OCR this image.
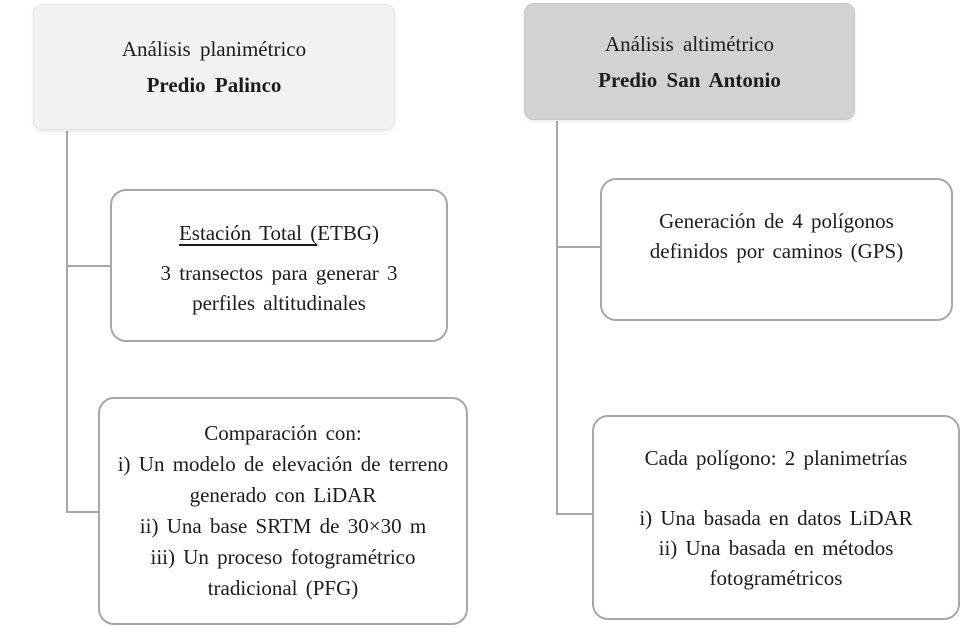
Análisis planimétrico
Predio Palinco
Estación Total (ETBG)
3 transectos para generar 3 perfiles altitudinales
Comparación con:
i) Un modelo de elevación de terreno generado con LiDAR
ii) Una base SRTM de 30×30 m
iii) Un proceso fotogramétrico tradicional (PFG)
Análisis altimétrico
Predio San Antonio
Generación de 4 polígonos definidos por caminos (GPS)
Cada polígono: 2 planimetrías
i) Una basada en datos LiDAR
ii) Una basada en métodos fotogramétricos
